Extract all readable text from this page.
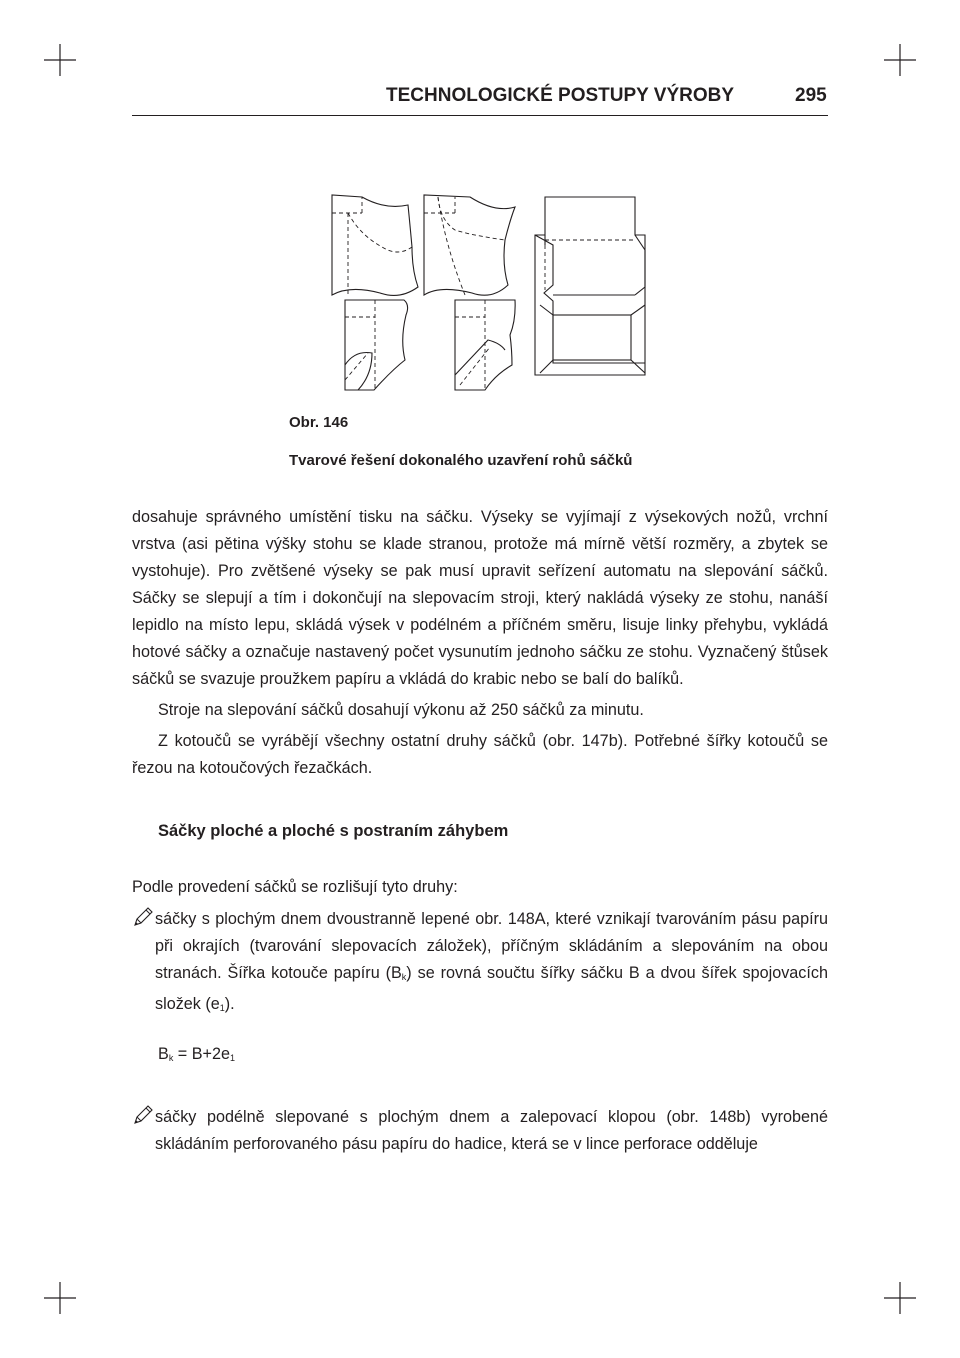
TECHNOLOGICKÉ POSTUPY VÝROBY	295
Obr. 146
Tvarové řešení dokonalého uzavření rohů sáčků

dosahuje správného umístění tisku na sáčku. Výseky se vyjímají z výsekových nožů, vrchní vrstva (asi pětina výšky stohu se klade stranou, protože má mírně větší rozměry, a zbytek se vystohuje). Pro zvětšené výseky se pak musí upravit seřízení automatu na slepování sáčků. Sáčky se slepují a tím i dokončují na slepovacím stroji, který nakládá výseky ze stohu, nanáší lepidlo na místo lepu, skládá výsek v podélném a příčném směru, lisuje linky přehybu, vykládá hotové sáčky a označuje nastavený počet vysunutím jednoho sáčku ze stohu. Vyznačený štůsek sáčků se svazuje proužkem papíru a vkládá do krabic nebo se balí do balíků.

Stroje na slepování sáčků dosahují výkonu až 250 sáčků za minutu.

Z kotoučů se vyrábějí všechny ostatní druhy sáčků (obr. 147b). Potřebné šířky kotoučů se řezou na kotoučových řezačkách.

Sáčky ploché a ploché s postraním záhybem
Podle provedení sáčků se rozlišují tyto druhy:
sáčky s plochým dnem dvoustranně lepené obr. 148A, které vznikají tvarováním pásu papíru při okrajích (tvarování slepovacích záložek), příčným skládáním a slepováním na obou stranách. Šířka kotouče papíru $(B_k)$ se rovná součtu šířky sáčku B a dvou šířek spojovacích složek $(e_1)$.
$B_k = B+2e_1$
sáčky podélně slepované s plochým dnem a zalepovací klopou (obr. 148b) vyrobené skládáním perforovaného pásu papíru do hadice, která se v lince perforace odděluje
